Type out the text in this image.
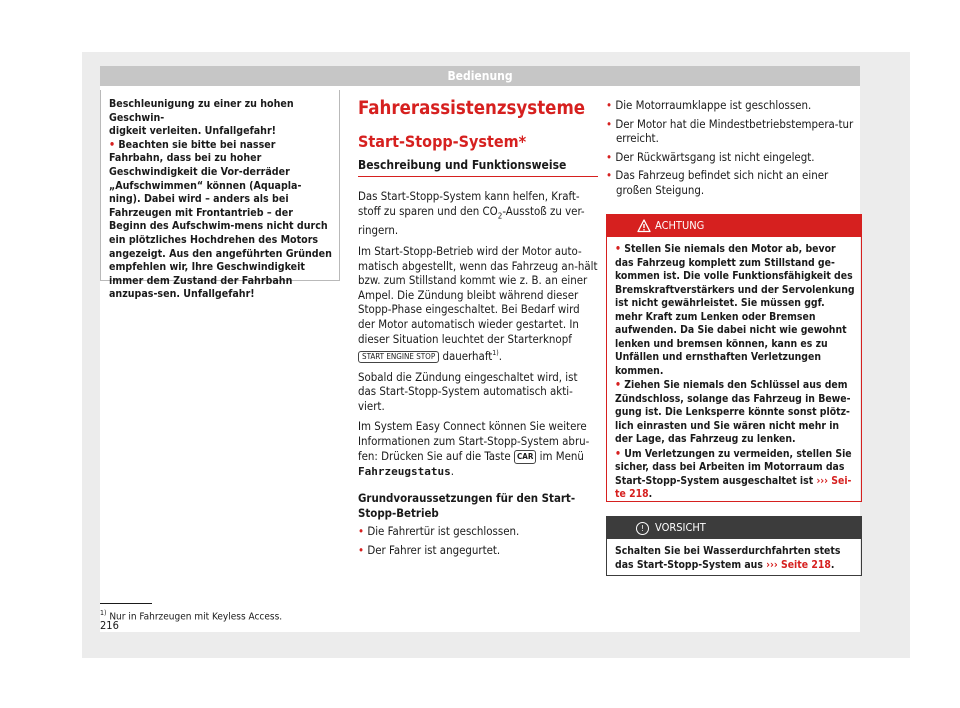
Bedienung

Beschleunigung zu einer zu hohen Geschwin-

digkeit verleiten. Unfallgefahr!

• Beachten sie bitte bei nasser Fahrbahn, dass bei zu hoher Geschwindigkeit die Vor-derräder „Aufschwimmen“ können (Aquapla-ning). Dabei wird – anders als bei Fahrzeugen mit Frontantrieb – der Beginn des Aufschwim-mens nicht durch ein plötzliches Hochdrehen des Motors angezeigt. Aus den angeführten Gründen empfehlen wir, Ihre Geschwindigkeit immer dem Zustand der Fahrbahn anzupas-sen. Unfallgefahr!

Fahrerassistenzsysteme
Start-Stopp-System*
Beschreibung und Funktionsweise

Das Start-Stopp-System kann helfen, Kraft-stoff zu sparen und den $CO_2$-Ausstoß zu ver-ringern.

Im Start-Stopp-Betrieb wird der Motor auto-matisch abgestellt, wenn das Fahrzeug an-hält bzw. zum Stillstand kommt wie z. B. an einer Ampel. Die Zündung bleibt während dieser Stopp-Phase eingeschaltet. Bei Bedarf wird der Motor automatisch wieder gestartet. In dieser Situation leuchtet der Starterknopf START ENGINE STOP dauerhaft$^{1)}$.

Sobald die Zündung eingeschaltet wird, ist das Start-Stopp-System automatisch akti-viert.

Im System Easy Connect können Sie weitere Informationen zum Start-Stopp-System abru-fen: Drücken Sie auf die Taste CAR im Menü Fahrzeugstatus.

Grundvoraussetzungen für den Start-Stopp-Betrieb

• Die Fahrertür ist geschlossen.
• Der Fahrer ist angegurtet.
• Die Motorraumklappe ist geschlossen.
• Der Motor hat die Mindestbetriebstempera-tur erreicht.
• Der Rückwärtsgang ist nicht eingelegt.
• Das Fahrzeug befindet sich nicht an einer großen Steigung.
ACHTUNG

• Stellen Sie niemals den Motor ab, bevor das Fahrzeug komplett zum Stillstand ge-kommen ist. Die volle Funktionsfähigkeit des Bremskraftverstärkers und der Servolenkung ist nicht gewährleistet. Sie müssen ggf. mehr Kraft zum Lenken oder Bremsen aufwenden. Da Sie dabei nicht wie gewohnt lenken und bremsen können, kann es zu Unfällen und ernsthaften Verletzungen kommen.

• Ziehen Sie niemals den Schlüssel aus dem Zündschloss, solange das Fahrzeug in Bewe-gung ist. Die Lenksperre könnte sonst plötz-lich einrasten und Sie wären nicht mehr in der Lage, das Fahrzeug zu lenken.

• Um Verletzungen zu vermeiden, stellen Sie sicher, dass bei Arbeiten im Motorraum das Start-Stopp-System ausgeschaltet ist ››› Sei-te 218.

!	VORSICHT

Schalten Sie bei Wasserdurchfahrten stets das Start-Stopp-System aus ››› Seite 218.

$^{1)}$ Nur in Fahrzeugen mit Keyless Access.
216
